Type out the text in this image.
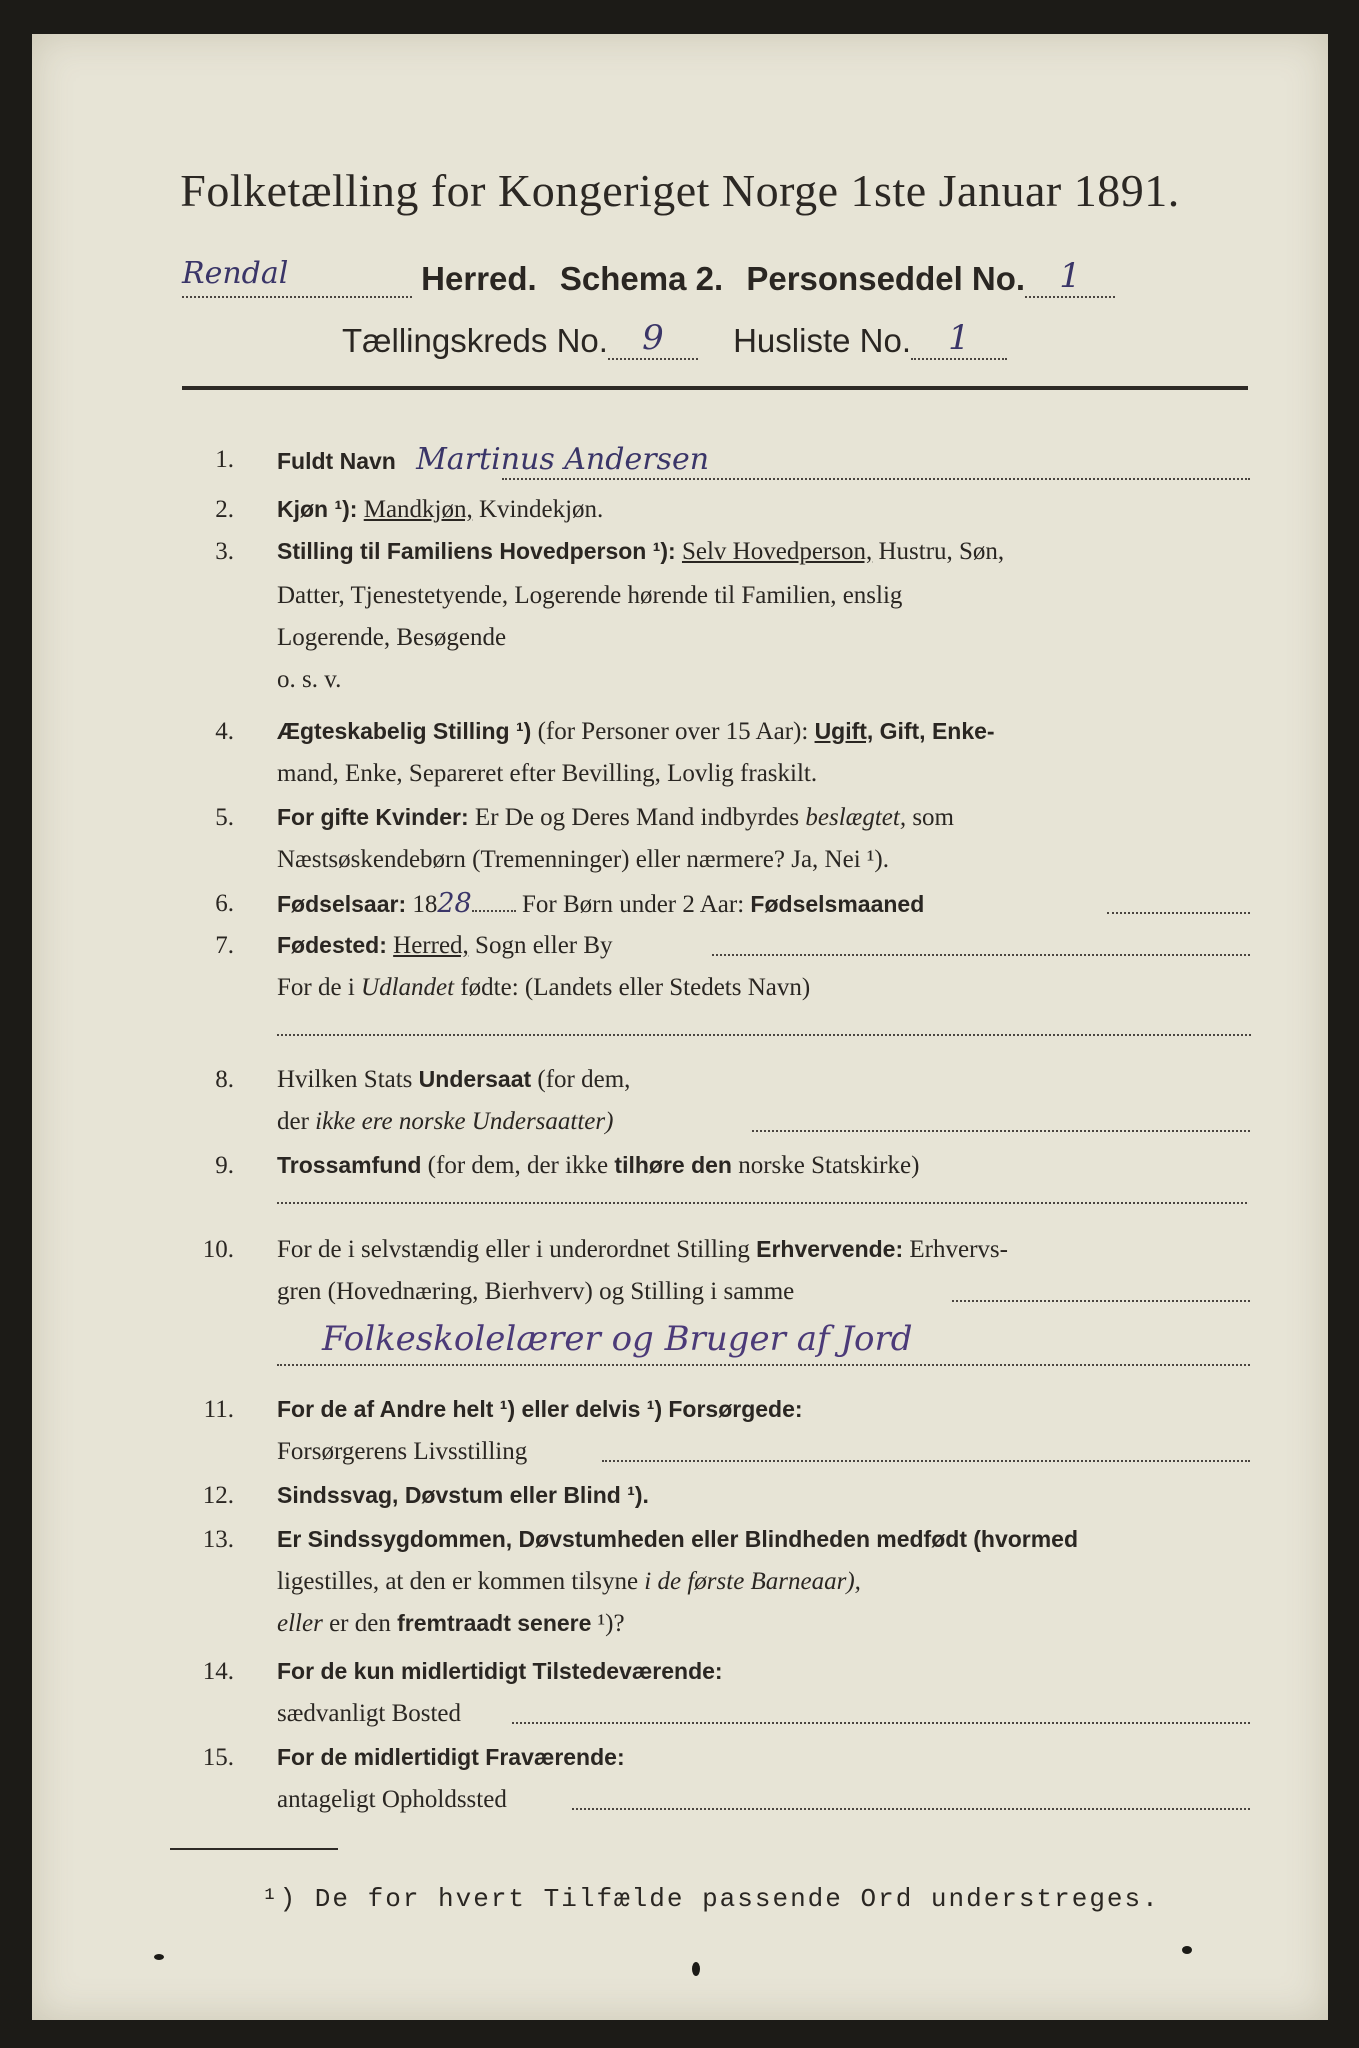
Folketælling for Kongeriget Norge 1ste Januar 1891.
Rendal	Herred. Schema 2. Personseddel No. 1
Tællingskreds No. 9 Husliste No. 1
1. Fuldt Navn Martinus Andersen
2. Kjøn ¹): Mandkjøn, Kvindekjøn.
3. Stilling til Familiens Hovedperson ¹): Selv Hovedperson, Hustru, Søn,
Datter, Tjenestetyende, Logerende hørende til Familien, enslig
Logerende, Besøgende
o. s. v.
4. Ægteskabelig Stilling ¹) (for Personer over 15 Aar): Ugift, Gift, Enke-
mand, Enke, Separeret efter Bevilling, Lovlig fraskilt.
5. For gifte Kvinder: Er De og Deres Mand indbyrdes beslægtet, som
Næstsøskendebørn (Tremenninger) eller nærmere? Ja, Nei ¹).
6. Fødselsaar: 1828 For Børn under 2 Aar: Fødselsmaaned
7. Fødested: Herred, Sogn eller By
For de i Udlandet fødte: (Landets eller Stedets Navn)
8. Hvilken Stats Undersaat (for dem,
der ikke ere norske Undersaatter)
9. Trossamfund (for dem, der ikke tilhøre den norske Statskirke)
10. For de i selvstændig eller i underordnet Stilling Erhvervende: Erhvervs-
gren (Hovednæring, Bierhverv) og Stilling i samme
Folkeskolelærer og Bruger af Jord
11. For de af Andre helt ¹) eller delvis ¹) Forsørgede:
Forsørgerens Livsstilling
12. Sindssvag, Døvstum eller Blind ¹).
13. Er Sindssygdommen, Døvstumheden eller Blindheden medfødt (hvormed
ligestilles, at den er kommen tilsyne i de første Barneaar),
eller er den fremtraadt senere ¹)?
14. For de kun midlertidigt Tilstedeværende:
sædvanligt Bosted
15. For de midlertidigt Fraværende:
antageligt Opholdssted
¹) De for hvert Tilfælde passende Ord understreges.
